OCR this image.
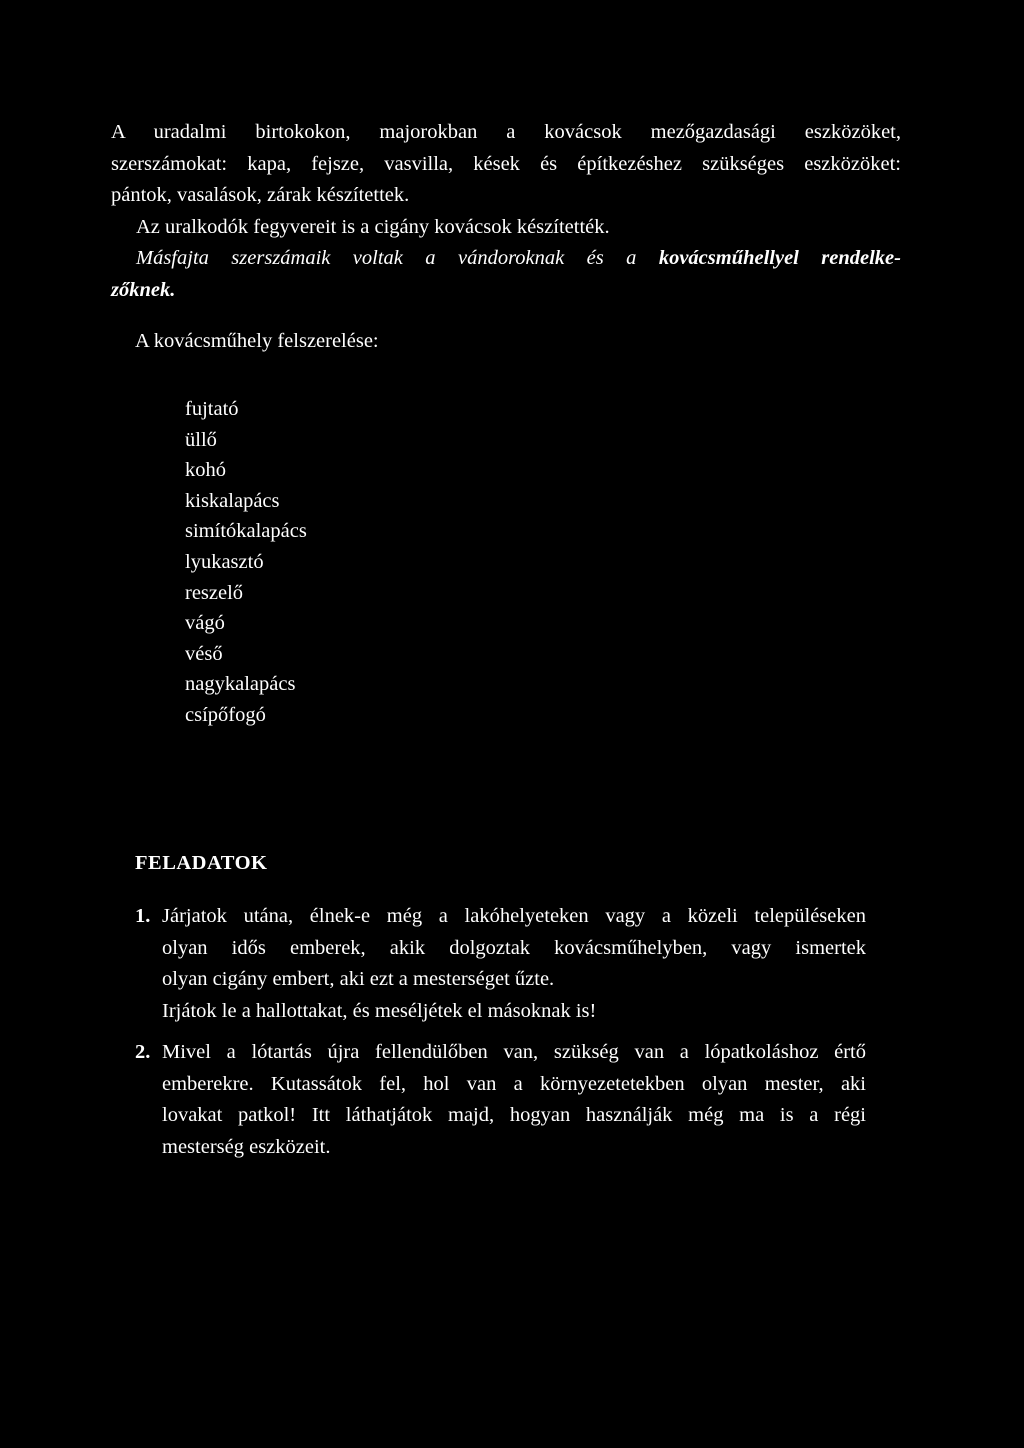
A uradalmi birtokokon, majorokban a kovácsok mezőgazdasági eszközöket,

szerszámokat: kapa, fejsze, vasvilla, kések és építkezéshez szükséges eszközöket:

pántok, vasalások, zárak készítettek.

Az uralkodók fegyvereit is a cigány kovácsok készítették.

Másfajta szerszámaik voltak a vándoroknak és a kovácsműhellyel rendelke-

zőknek.

A kovácsműhely felszerelése:
fujtató
üllő
kohó
kiskalapács
simítókalapács
lyukasztó
reszelő
vágó
véső
nagykalapács
csípőfogó
FELADATOK
1. Járjatok utána, élnek-e még a lakóhelyeteken vagy a közeli településeken

olyan idős emberek, akik dolgoztak kovácsműhelyben, vagy ismertek

olyan cigány embert, aki ezt a mesterséget űzte.

Irjátok le a hallottakat, és meséljétek el másoknak is!

2. Mivel a lótartás újra fellendülőben van, szükség van a lópatkoláshoz értő

emberekre. Kutassátok fel, hol van a környezetetekben olyan mester, aki

lovakat patkol! Itt láthatjátok majd, hogyan használják még ma is a régi

mesterség eszközeit.
